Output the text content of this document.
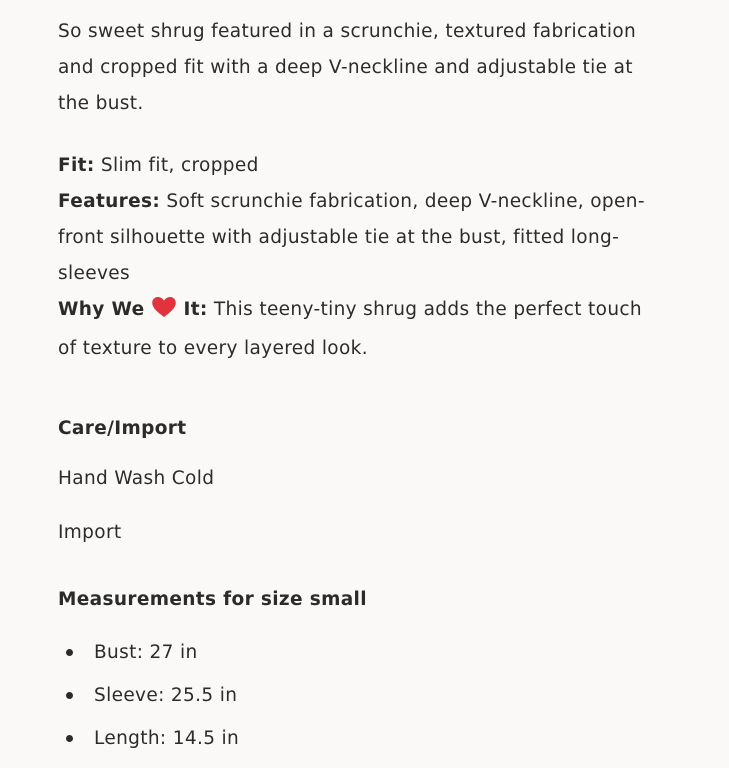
So sweet shrug featured in a scrunchie, textured fabrication
and cropped fit with a deep V-neckline and adjustable tie at
the bust.

Fit: Slim fit, cropped
Features: Soft scrunchie fabrication, deep V-neckline, open-
front silhouette with adjustable tie at the bust, fitted long-
sleeves
Why We It: This teeny-tiny shrug adds the perfect touch
of texture to every layered look.

Care/Import

Hand Wash Cold

Import

Measurements for size small

Bust: 27 in
Sleeve: 25.5 in
Length: 14.5 in
